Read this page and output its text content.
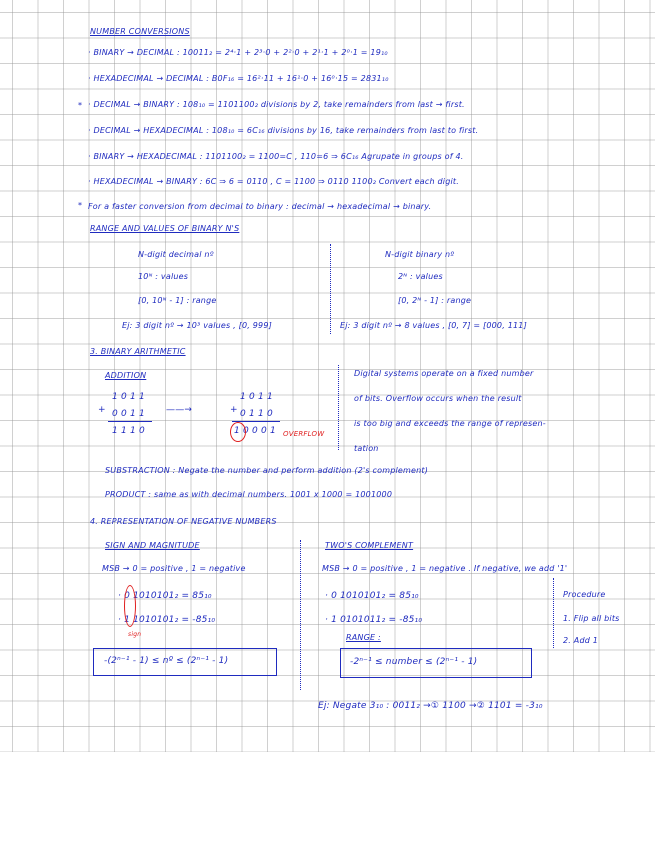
NUMBER CONVERSIONS
· BINARY → DECIMAL : 10011₂ = 2⁴·1 + 2³·0 + 2²·0 + 2¹·1 + 2⁰·1 = 19₁₀
· HEXADECIMAL → DECIMAL : B0F₁₆ = 16²·11 + 16¹·0 + 16⁰·15 = 2831₁₀
· DECIMAL → BINARY : 108₁₀ = 1101100₂ divisions by 2, take remainders from last → first.
· DECIMAL → HEXADECIMAL : 108₁₀ = 6C₁₆ divisions by 16, take remainders from last to first.
· BINARY → HEXADECIMAL : 1101100₂ = 1100=C , 110=6 ⇒ 6C₁₆ Agrupate in groups of 4.
· HEXADECIMAL → BINARY : 6C ⇒ 6 = 0110 , C = 1100 ⇒ 0110 1100₂ Convert each digit.
*
* For a faster conversion from decimal to binary : decimal → hexadecimal → binary.
RANGE AND VALUES OF BINARY N'S
N-digit decimal nº
10ᴺ : values
[0, 10ᴺ - 1] : range
Ej: 3 digit nº → 10³ values , [0, 999]
N-digit binary nº
2ᴺ : values
[0, 2ᴺ - 1] : range
Ej: 3 digit nº → 8 values , [0, 7] = [000, 111]
3. BINARY ARITHMETIC
ADDITION
1 0 1 1
+ 0 0 1 1
1 1 1 0
——→
1 0 1 1
+ 0 1 1 0
1 0 0 0 1 OVERFLOW
Digital systems operate on a fixed number
of bits. Overflow occurs when the result
is too big and exceeds the range of represen-
tation
SUBSTRACTION : Negate the number and perform addition (2's complement)
PRODUCT : same as with decimal numbers. 1001 x 1000 = 1001000
4. REPRESENTATION OF NEGATIVE NUMBERS
SIGN AND MAGNITUDE
MSB → 0 = positive , 1 = negative
· 0 1010101₂ = 85₁₀
· 1 1010101₂ = -85₁₀
sign
-(2ⁿ⁻¹ - 1) ≤ nº ≤ (2ⁿ⁻¹ - 1)
TWO'S COMPLEMENT
MSB → 0 = positive , 1 = negative . If negative, we add '1'
· 0 1010101₂ = 85₁₀
· 1 0101011₂ = -85₁₀
RANGE :
-2ⁿ⁻¹ ≤ number ≤ (2ⁿ⁻¹ - 1)
Procedure
1. Flip all bits
2. Add 1
Ej: Negate 3₁₀ : 0011₂ →① 1100 →② 1101 = -3₁₀
